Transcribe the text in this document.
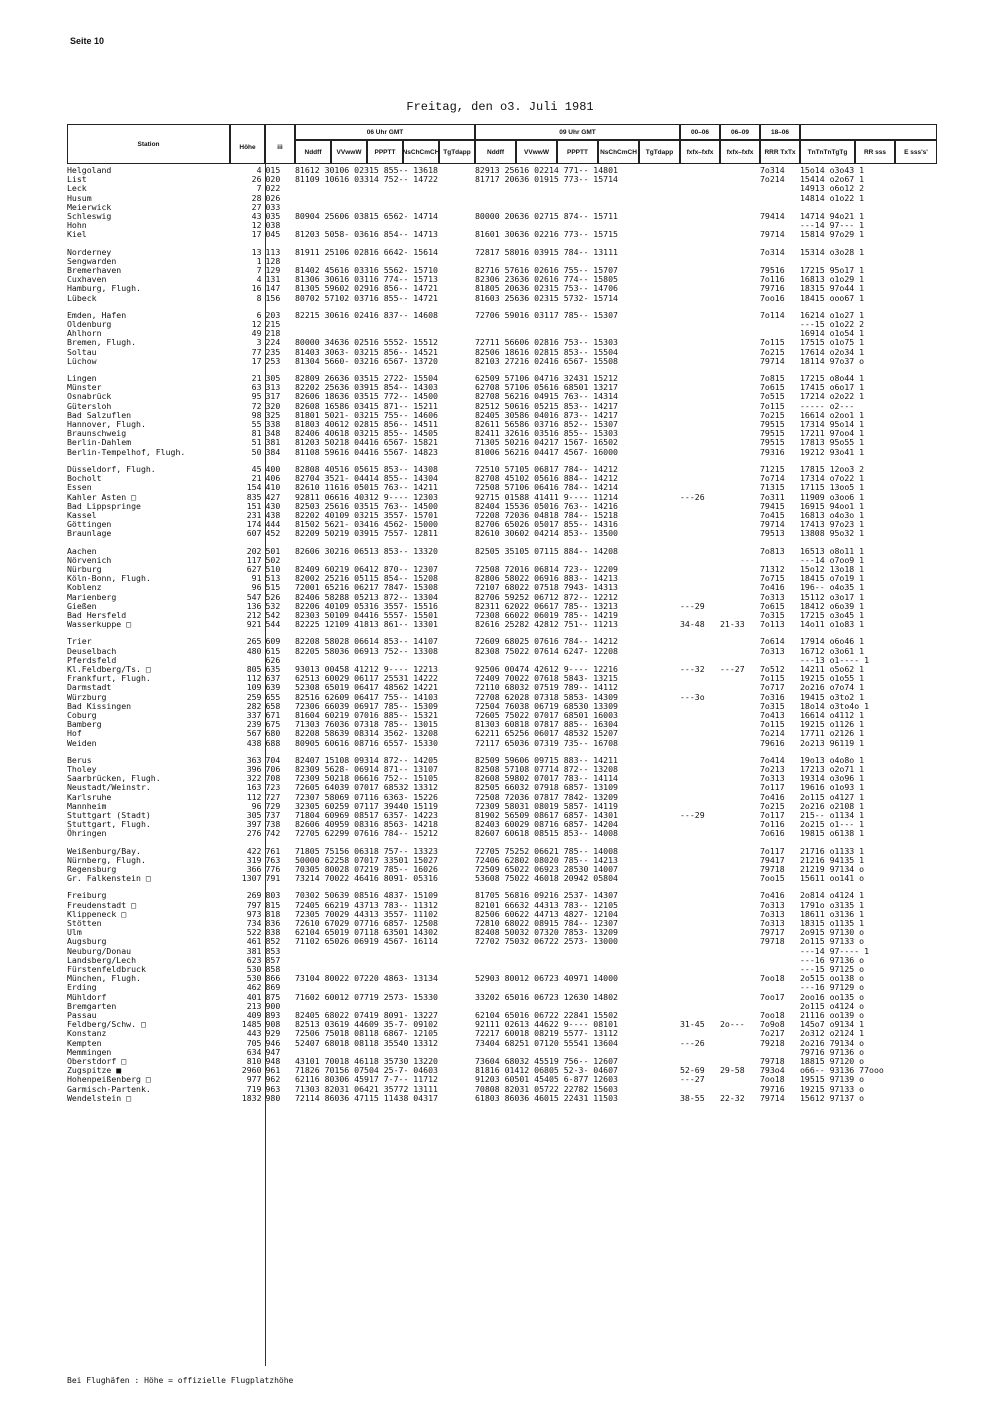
Seite 10
Freitag, den o3. Juli 1981
Station	Höhe	iii
06 Uhr GMT	09 Uhr GMT	00–06	06–09	18–06
Nddff	VVwwW	PPPTT	NsChCmCH TgTdapp	Nddff	VVwwW	PPPTT	NsChCmCH	TgTdapp	fxfx–fxfx	fxfx–fxfx	RRR TxTx	TnTnTnTgTg	RR sss	E sss's'
Helgoland	4	015	81612 30106 02315 855-- 13618	82913 25616 02214 771-- 14801			7o314	15o14 o3o43 1
List	26	020	81109 10616 03314 752-- 14722	81717 20636 01915 773-- 15714			7o214	15414 o2o67 1
Leck	7	022						14913 o6o12 2
Husum	28	026						14814 o1o22 1
Meierwick	27	033						
Schleswig	43	035	80904 25606 03815 6562- 14714	80000 20636 02715 874-- 15711			79414	14714 94o21 1
Hohn	12	038						---14 97--- 1
Kiel	17	045	81203 5058- 03616 854-- 14713	81601 30636 02216 773-- 15715			79714	15814 97o29 1

Norderney	13	113	81911 25106 02816 6642- 15614	72817 58016 03915 784-- 13111			7o314	15314 o3o28 1
Sengwarden	1	128						
Bremerhaven	7	129	81402 45616 03316 5562- 15710	82716 57616 02616 755-- 15707			79516	17215 95o17 1
Cuxhaven	4	131	81306 30616 03116 774-- 15713	82306 23636 02616 774-- 15805			7o116	16813 o1o29 1
Hamburg, Flugh.	16	147	81305 59602 02916 856-- 14721	81805 20636 02315 753-- 14706			79716	18315 97o44 1
Lübeck	8	156	80702 57102 03716 855-- 14721	81603 25636 02315 5732- 15714			7oo16	18415 ooo67 1

Emden, Hafen	6	203	82215 30616 02416 837-- 14608	72706 59016 03117 785-- 15307			7o114	16214 o1o27 1
Oldenburg	12	215						---15 o1o22 2
Ahlhorn	49	218						16914 o1o54 1
Bremen, Flugh.	3	224	80000 34636 02516 5552- 15512	72711 56606 02816 753-- 15303			7o115	17515 o1o75 1
Soltau	77	235	81403 3063- 03215 856-- 14521	82506 18616 02815 853-- 15504			7o215	17614 o2o34 1
Lüchow	17	253	81304 5660- 03216 6567- 13720	82103 27216 02416 6567- 15508			79714	18114 97o37 o

Lingen	21	305	82809 26636 03515 2722- 15504	62509 57106 04716 32431 15212			7o815	17215 o8o44 1
Münster	63	313	82202 25636 03915 854-- 14303	62708 57106 05616 68501 13217			7o615	17415 o6o17 1
Osnabrück	95	317	82606 18636 03515 772-- 14500	82708 56216 04915 763-- 14314			7o515	17214 o2o22 1
Gütersloh	72	320	82608 16586 03415 871-- 15211	82512 50616 05215 853-- 14217			7o115	----- o2---
Bad Salzuflen	98	325	81801 5021- 03215 755-- 14606	82405 30586 04016 873-- 14217			7o215	16614 o2oo1 1
Hannover, Flugh.	55	338	81803 40612 02815 856-- 14511	82611 56586 03716 852-- 15307			79515	17314 95o14 1
Braunschweig	81	348	82406 40618 03215 855-- 14505	82411 32616 03516 855-- 15303			79515	17211 97oo4 1
Berlin-Dahlem	51	381	81203 50218 04416 6567- 15821	71305 50216 04217 1567- 16502			79515	17813 95o55 1
Berlin-Tempelhof, Flugh.	50	384	81108 59616 04416 5567- 14823	81006 56216 04417 4567- 16000			79316	19212 93o41 1

Düsseldorf, Flugh.	45	400	82808 40516 05615 853-- 14308	72510 57105 06817 784-- 14212			71215	17815 12oo3 2
Bocholt	21	406	82704 3521- 04414 855-- 14304	82708 45102 05616 884-- 14212			7o714	17314 o7o22 1
Essen	154	410	82610 11616 05015 763-- 14211	72508 57106 06416 784-- 14214			71315	17115 13oo5 1
Kahler Asten □	835	427	92811 06616 40312 9---- 12303	92715 01588 41411 9---- 11214	---26		7o311	11909 o3oo6 1
Bad Lippspringe	151	430	82503 25616 03515 763-- 14500	82404 15536 05016 763-- 14216			79415	16915 94oo1 1
Kassel	231	438	82202 40109 03215 3557- 15701	72208 72036 04818 784-- 15218			7o415	16813 o4o3o 1
Göttingen	174	444	81502 5621- 03416 4562- 15000	82706 65026 05017 855-- 14316			79714	17413 97o23 1
Braunlage	607	452	82209 50219 03915 7557- 12811	82610 30602 04214 853-- 13500			79513	13808 95o32 1

Aachen	202	501	82606 30216 06513 853-- 13320	82505 35105 07115 884-- 14208			7o813	16513 o8o11 1
Nörvenich	117	502						---14 o7oo9 1
Nürburg	627	510	82409 60219 06412 870-- 12307	72508 72016 06814 723-- 12209			71312	15o12 13o18 1
Köln-Bonn, Flugh.	91	513	82002 25216 05115 854-- 15208	82806 58022 06916 883-- 14213			7o715	18415 o7o19 1
Koblenz	96	515	72001 65216 06217 7847- 15308	72107 68022 07518 7943- 14313			7o416	196-- o4o35 1
Marienberg	547	526	82406 58288 05213 872-- 13304	82706 59252 06712 872-- 12212			7o313	15112 o3o17 1
Gießen	136	532	82206 40109 05316 3557- 15516	82311 62022 06617 785-- 13213	---29		7o615	18412 o6o39 1
Bad Hersfeld	212	542	82303 50109 04416 5557- 15501	72308 66022 06019 785-- 14219			7o315	17215 o3o45 1
Wasserkuppe □	921	544	82225 12109 41813 861-- 13301	82616 25282 42812 751-- 11213	34-48	21-33	7o113	14o11 o1o83 1

Trier	265	609	82208 58028 06614 853-- 14107	72609 68025 07616 784-- 14212			7o614	17914 o6o46 1
Deuselbach	480	615	82205 58036 06913 752-- 13308	82308 75022 07614 6247- 12208			7o313	16712 o3o61 1
Pferdsfeld		626						---13 o1---- 1
Kl.Feldberg/Ts. □	805	635	93013 00458 41212 9---- 12213	92506 00474 42612 9---- 12216	---32	---27	7o512	14211 o5o62 1
Frankfurt, Flugh.	112	637	62513 60029 06117 25531 14222	72409 70022 07618 5843- 13215			7o115	19215 o1o55 1
Darmstadt	109	639	52308 65019 06417 48562 14221	72110 68032 07519 789-- 14112			7o717	2o216 o7o74 1
Würzburg	259	655	82516 62609 06417 755-- 14103	72708 62028 07318 5853- 14309	---3o		7o316	19415 o3to2 1
Bad Kissingen	282	658	72306 66039 06917 785-- 15309	72504 76038 06719 68530 13309			7o315	18o14 o3to4o 1
Coburg	337	671	81604 60219 07016 885-- 15321	72605 75022 07017 68501 16003			7o413	16614 o4112 1
Bamberg	239	675	71303 76036 07318 785-- 13015	81303 60818 07817 885-- 16304			7o115	19215 o1126 1
Hof	567	680	82208 58639 08314 3562- 13208	62211 65256 06017 48532 15207			7o214	17711 o2126 1
Weiden	438	688	80905 60616 08716 6557- 15330	72117 65036 07319 735-- 16708			79616	2o213 96119 1

Berus	363	704	82407 15108 09314 872-- 14205	82509 59606 09715 883-- 14211			7o414	19o13 o4o8o 1
Tholey	396	706	82309 5628- 06914 871-- 13107	82508 57108 07714 872-- 13208			7o213	17213 o2o71 1
Saarbrücken, Flugh.	322	708	72309 50218 06616 752-- 15105	82608 59802 07017 783-- 14114			7o313	19314 o3o96 1
Neustadt/Weinstr.	163	723	72605 64039 07017 68532 13312	82505 66032 07918 6857- 13109			7o117	19616 o1o93 1
Karlsruhe	112	727	72307 58069 07116 6363- 15226	72508 72036 07817 7842- 13209			7o416	2o115 o4127 1
Mannheim	96	729	32305 60259 07117 39440 15119	72309 58031 08019 5857- 14119			7o215	2o216 o2108 1
Stuttgart (Stadt)	305	737	71804 60969 08517 6357- 14223	81902 56509 08617 6857- 14301	---29		7o117	215-- o1134 1
Stuttgart, Flugh.	397	738	82606 40959 08316 8563- 14218	82403 60029 08716 6857- 14204			7o116	2o215 o1--- 1
Öhringen	276	742	72705 62299 07616 784-- 15212	82607 60618 08515 853-- 14008			7o616	19815 o6138 1

Weißenburg/Bay.	422	761	71805 75156 06318 757-- 13323	72705 75252 06621 785-- 14008			7o117	21716 o1133 1
Nürnberg, Flugh.	319	763	50000 62258 07017 33501 15027	72406 62802 08020 785-- 14213			79417	21216 94135 1
Regensburg	366	776	70305 80028 07219 785-- 16026	72509 65022 06923 28530 14007			79718	21219 97134 o
Gr. Falkenstein □	1307	791	73214 70022 46416 8091- 05316	53608 75022 46018 20942 05804			7oo15	15611 oo141 o

Freiburg	269	803	70302 50639 08516 4837- 15109	81705 56816 09216 2537- 14307			7o416	2o814 o4124 1
Freudenstadt □	797	815	72405 66219 43713 783-- 11312	82101 66632 44313 783-- 12105			7o313	1791o o3135 1
Klippeneck □	973	818	72305 70029 44313 3557- 11102	82506 60622 44713 4827- 12104			7o313	18611 o3136 1
Stötten	734	836	72610 67029 07716 6857- 12508	72810 68022 08915 784-- 12307			7o313	18315 o1135 1
Ulm	522	838	62104 65019 07118 63501 14302	82408 50032 07320 7853- 13209			79717	2o915 97130 o
Augsburg	461	852	71102 65026 06919 4567- 16114	72702 75032 06722 2573- 13000			79718	2o115 97133 o
Neuburg/Donau	381	853						---14 97---- 1
Landsberg/Lech	623	857						---16 97136 o
Fürstenfeldbruck	530	858						---15 97125 o
München, Flugh.	530	866	73104 80022 07220 4863- 13134	52903 80012 06723 40971 14000			7oo18	2o515 oo138 o
Erding	462	869						---16 97129 o
Mühldorf	401	875	71602 60012 07719 2573- 15330	33202 65016 06723 12630 14802			7oo17	2oo16 oo135 o
Bremgarten	213	900						2o115 o4124 o
Passau	409	893	82405 68022 07419 8091- 13227	62104 65016 06722 22841 15502			7oo18	21116 oo139 o
Feldberg/Schw. □	1485	908	82513 03619 44609 35-7- 09102	92111 02613 44622 9---- 08101	31-45	2o---	7o9o8	145o7 o9134 1
Konstanz	443	929	72506 75018 08118 6867- 12105	72217 60018 08219 5577- 13112			7o217	2o312 o2124 1
Kempten	705	946	52407 68018 08118 35540 13312	73404 68251 07120 55541 13604	---26		79218	2o216 79134 o
Memmingen	634	947						79716 97136 o
Oberstdorf □	810	948	43101 70018 46118 35730 13220	73604 68032 45519 756-- 12607			79718	18815 97120 o
Zugspitze ■	2960	961	71826 70156 07504 25-7- 04603	81816 01412 06805 52-3- 04607	52-69	29-58	793o4	o66-- 93136 77ooo
Hohenpeißenberg □	977	962	62116 80306 45917 7-7-- 11712	91203 60501 45405 6-877 12603	---27		7oo18	19515 97139 o
Garmisch-Partenk.	719	963	71303 82031 06421 35772 13111	70808 82031 05722 22782 15603			79716	19215 97133 o
Wendelstein □	1832	980	72114 86036 47115 11438 04317	61803 86036 46015 22431 11503	38-55	22-32	79714	15612 97137 o
Bei Flughäfen : Höhe = offizielle Flugplatzhöhe
